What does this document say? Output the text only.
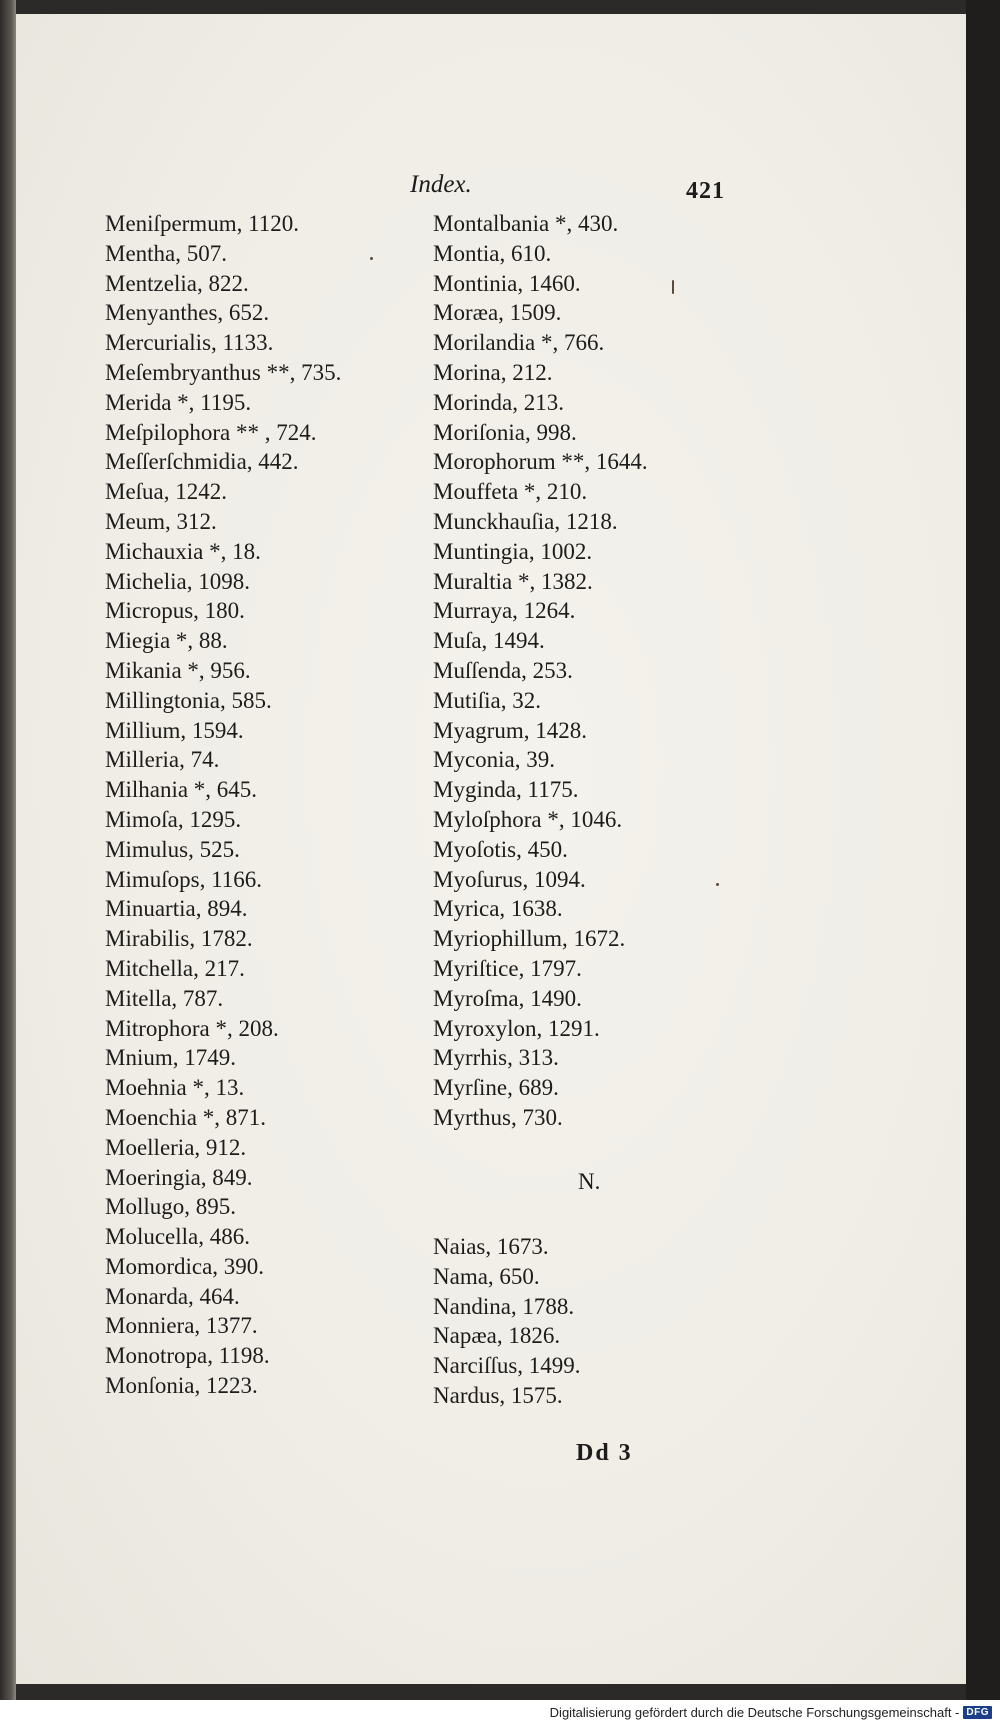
Index.	421
Meniſpermum, 1120.
Mentha, 507.
Mentzelia, 822.
Menyanthes, 652.
Mercurialis, 1133.
Meſembryanthus **, 735.
Merida *, 1195.
Meſpilophora ** , 724.
Meſſerſchmidia, 442.
Meſua, 1242.
Meum, 312.
Michauxia *, 18.
Michelia, 1098.
Micropus, 180.
Miegia *, 88.
Mikania *, 956.
Millingtonia, 585.
Millium, 1594.
Milleria, 74.
Milhania *, 645.
Mimoſa, 1295.
Mimulus, 525.
Mimuſops, 1166.
Minuartia, 894.
Mirabilis, 1782.
Mitchella, 217.
Mitella, 787.
Mitrophora *, 208.
Mnium, 1749.
Moehnia *, 13.
Moenchia *, 871.
Moelleria, 912.
Moeringia, 849.
Mollugo, 895.
Molucella, 486.
Momordica, 390.
Monarda, 464.
Monniera, 1377.
Monotropa, 1198.
Monſonia, 1223.
Montalbania *, 430.
Montia, 610.
Montinia, 1460.
Moræa, 1509.
Morilandia *, 766.
Morina, 212.
Morinda, 213.
Moriſonia, 998.
Morophorum **, 1644.
Mouffeta *, 210.
Munckhauſia, 1218.
Muntingia, 1002.
Muraltia *, 1382.
Murraya, 1264.
Muſa, 1494.
Muſſenda, 253.
Mutiſia, 32.
Myagrum, 1428.
Myconia, 39.
Myginda, 1175.
Myloſphora *, 1046.
Myoſotis, 450.
Myoſurus, 1094.
Myrica, 1638.
Myriophillum, 1672.
Myriſtice, 1797.
Myroſma, 1490.
Myroxylon, 1291.
Myrrhis, 313.
Myrſine, 689.
Myrthus, 730.
N.
Naias, 1673.
Nama, 650.
Nandina, 1788.
Napæa, 1826.
Narciſſus, 1499.
Nardus, 1575.
Dd 3
Digitalisierung gefördert durch die Deutsche Forschungsgemeinschaft - DFG
